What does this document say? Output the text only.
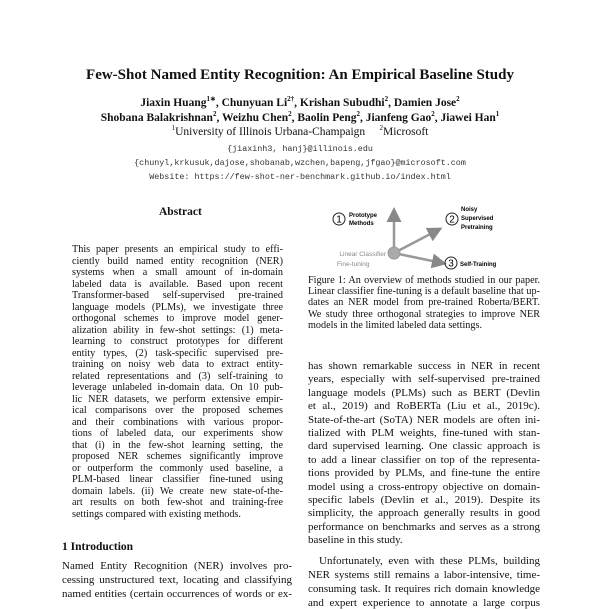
Few-Shot Named Entity Recognition: An Empirical Baseline Study
Jiaxin Huang$^{1∗}$, Chunyuan $Li^{2\dagger}$, Krishan Subudhi$^2$, Damien Jose$^2$
Shobana Balakrishnan$^2$, Weizhu Chen$^2$, Baolin Peng$^2$, Jianfeng Gao$^2$, Jiawei Han$^1$
$^1$University of Illinois Urbana-Champaign $^2$Microsoft
{jiaxinh3, hanj}@illinois.edu
{chunyl,krkusuk,dajose,shobanab,wzchen,bapeng,jfgao}@microsoft.com
Website: https://few-shot-ner-benchmark.github.io/index.html
Abstract
This paper presents an empirical study to effi-
ciently build named entity recognition (NER)
systems when a small amount of in-domain
labeled data is available. Based upon recent
Transformer-based self-supervised pre-trained
language models (PLMs), we investigate three
orthogonal schemes to improve model gener-
alization ability in few-shot settings: (1) meta-
learning to construct prototypes for different
entity types, (2) task-specific supervised pre-
training on noisy web data to extract entity-
related representations and (3) self-training to
leverage unlabeled in-domain data. On 10 pub-
lic NER datasets, we perform extensive empir-
ical comparisons over the proposed schemes
and their combinations with various propor-
tions of labeled data, our experiments show
that (i) in the few-shot learning setting, the
proposed NER schemes significantly improve
or outperform the commonly used baseline, a
PLM-based linear classifier fine-tuned using
domain labels. (ii) We create new state-of-the-
art results on both few-shot and training-free
settings compared with existing methods.
1 Introduction
Named Entity Recognition (NER) involves pro-
cessing unstructured text, locating and classifying
named entities (certain occurrences of words or ex-
1 Prototype
Methods	2
Noisy
Supervised
Pretraining
3 Self-Training
Linear Classifier
Fine-tuning
Figure 1: An overview of methods studied in our paper.
Linear classifier fine-tuning is a default baseline that up-
dates an NER model from pre-trained Roberta/BERT.
We study three orthogonal strategies to improve NER
models in the limited labeled data settings.
has shown remarkable success in NER in recent
years, especially with self-supervised pre-trained
language models (PLMs) such as BERT (Devlin
et al., 2019) and RoBERTa (Liu et al., 2019c).
State-of-the-art (SoTA) NER models are often ini-
tialized with PLM weights, fine-tuned with stan-
dard supervised learning. One classic approach is
to add a linear classifier on top of the representa-
tions provided by PLMs, and fine-tune the entire
model using a cross-entropy objective on domain-
specific labels (Devlin et al., 2019). Despite its
simplicity, the approach generally results in good
performance on benchmarks and serves as a strong
baseline in this study.
Unfortunately, even with these PLMs, building
NER systems still remains a labor-intensive, time-
consuming task. It requires rich domain knowledge
and expert experience to annotate a large corpus
